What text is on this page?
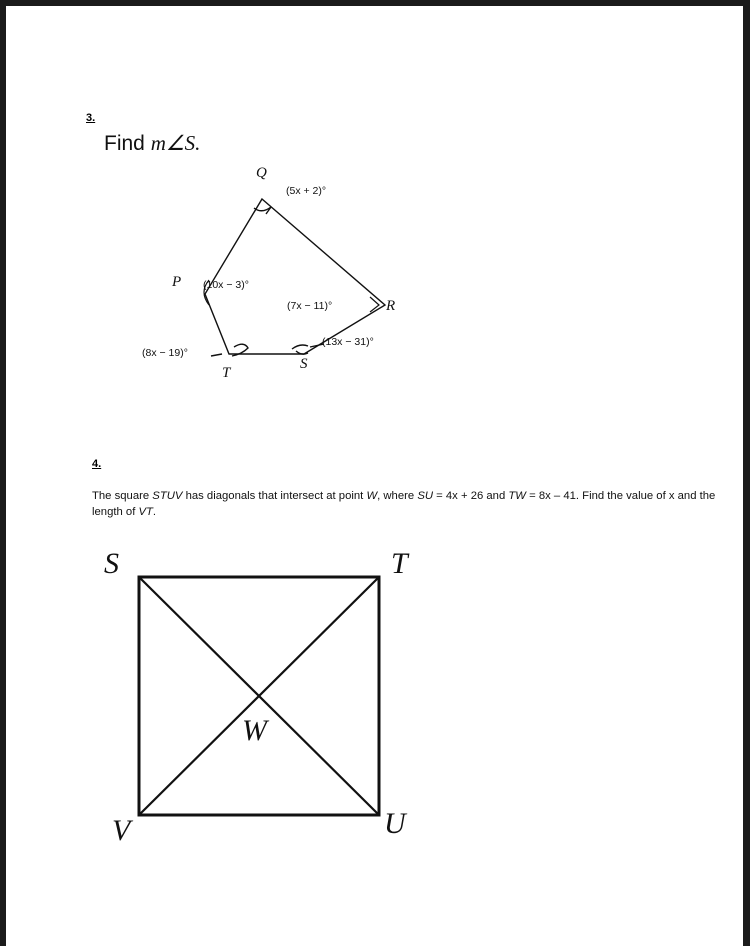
3.
Find m∠S.
Q
(5x + 2)°
P (10x − 3)°
(7x − 11)°	R
(13x − 31)°
S
(8x − 19)°
T
4.
The square STUV has diagonals that intersect at point W, where SU = 4x + 26 and TW = 8x – 41. Find the value of x and the length of VT.
S	T
V	U
W
